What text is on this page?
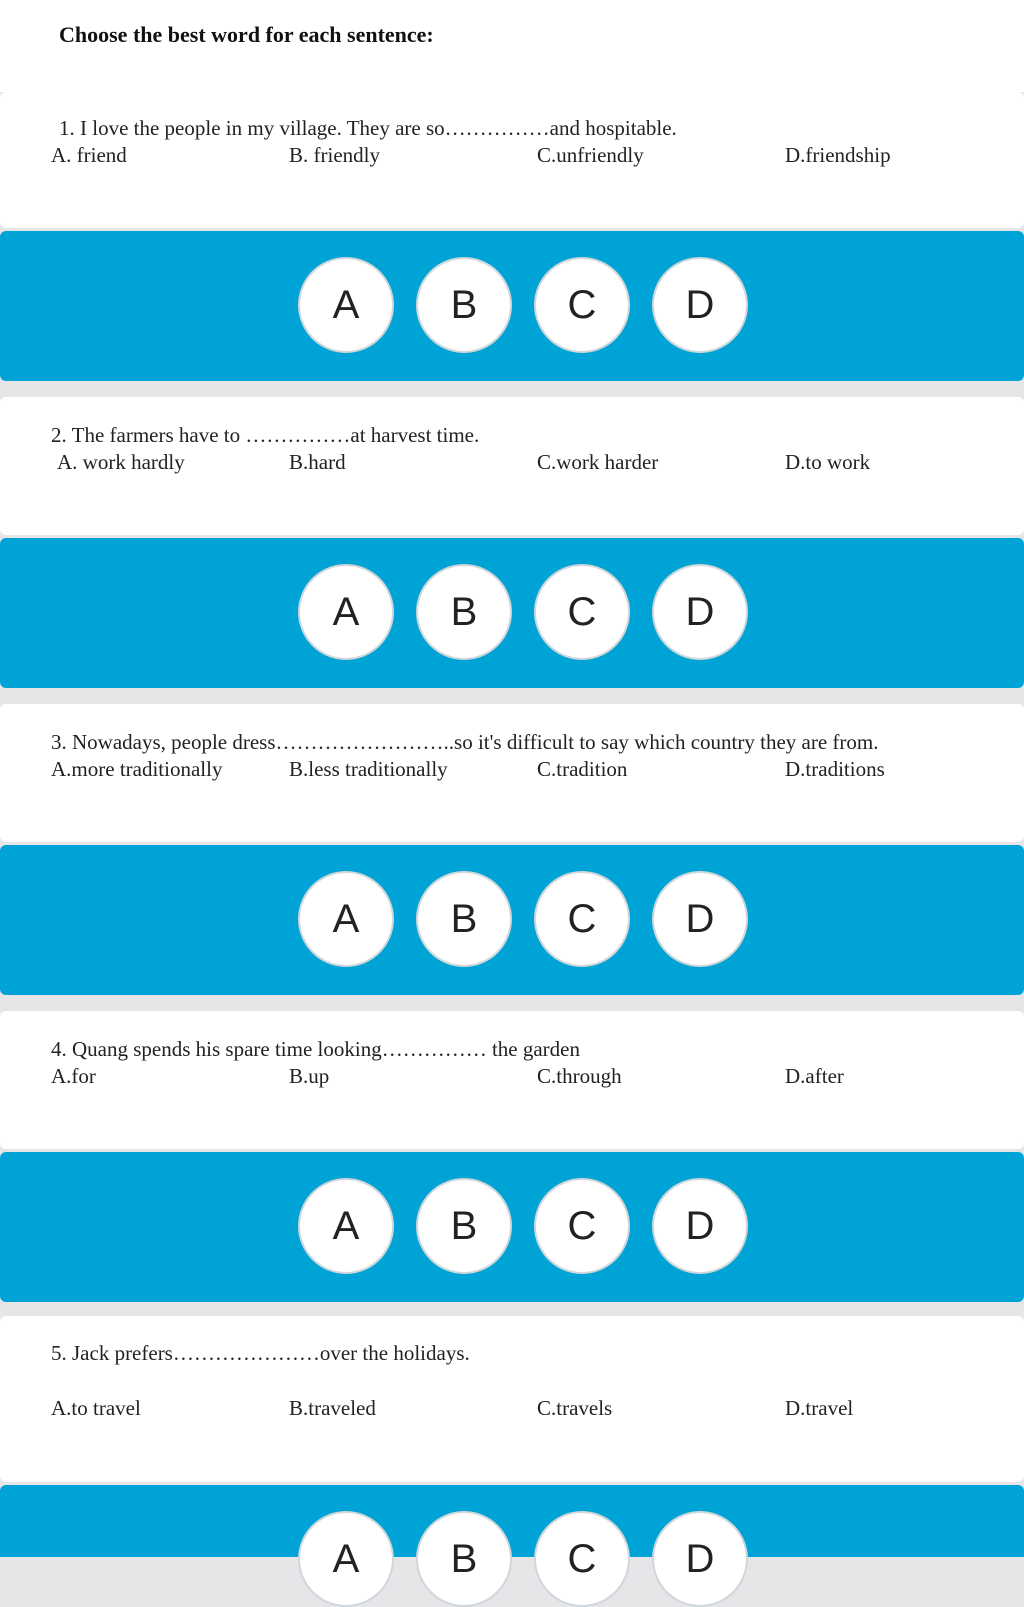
Choose the best word for each sentence:
1. I love the people in my village. They are so……………and hospitable.
A. friend	B. friendly	C.unfriendly	D.friendship
A	B	C	D
2. The farmers have to ……………at harvest time.
A. work hardly	B.hard	C.work harder	D.to work
A	B	C	D
3. Nowadays, people dress……………………..so it's difficult to say which country they are from.
A.more traditionally	B.less traditionally	C.tradition	D.traditions
A	B	C	D
4. Quang spends his spare time looking…………… the garden
A.for	B.up	C.through	D.after
A	B	C	D
5. Jack prefers…………………over the holidays.
A.to travel	B.traveled	C.travels	D.travel
A	B	C	D
